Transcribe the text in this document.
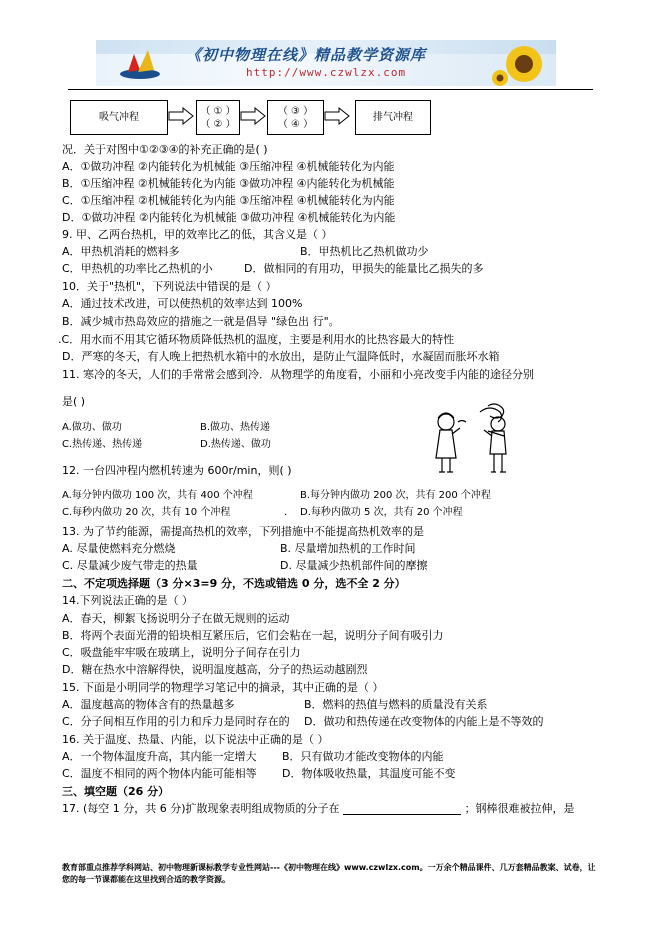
《初中物理在线》精品教学资源库
http://www.czwlzx.com
吸气冲程
（ ① ）
（ ② ）
（ ③ ）
（ ④ ）
排气冲程
况．关于对图中①②③④的补充正确的是( )
A．①做功冲程 ②内能转化为机械能 ③压缩冲程 ④机械能转化为内能
B．①压缩冲程 ②机械能转化为内能 ③做功冲程 ④内能转化为机械能
C．①压缩冲程 ②机械能转化为内能 ③压缩冲程 ④机械能转化为内能
D．①做功冲程 ②内能转化为机械能 ③做功冲程 ④机械能转化为内能
9. 甲、乙两台热机，甲的效率比乙的低，其含义是（ ）
A．甲热机消耗的燃料多	B．甲热机比乙热机做功少
C．甲热机的功率比乙热机的小	D．做相同的有用功，甲损失的能量比乙损失的多
10．关于"热机"，下列说法中错误的是（ ）
A．通过技术改进，可以使热机的效率达到 100%
B．减少城市热岛效应的措施之一就是倡导 "绿色出 行"。
.C．用水而不用其它循环物质降低热机的温度，主要是利用水的比热容最大的特性
D．严寒的冬天，有人晚上把热机水箱中的水放出，是防止气温降低时，水凝固而胀坏水箱
11. 寒冷的冬天，人们的手常常会感到冷．从物理学的角度看，小丽和小亮改变手内能的途径分别
是( )
A.做功、做功	B.做功、热传递
C.热传递、热传递	D.热传递、做功
12. 一台四冲程内燃机转速为 600r/min，则( )
A.每分钟内做功 100 次，共有 400 个冲程	B.每分钟内做功 200 次，共有 200 个冲程
C.每秒内做功 20 次，共有 10 个冲程	. D.每秒内做功 5 次，共有 20 个冲程
13. 为了节约能源，需提高热机的效率，下列措施中不能提高热机效率的是
A. 尽量使燃料充分燃烧	B. 尽量增加热机的工作时间
C. 尽量减少废气带走的热量	D. 尽量减少热机部件间的摩擦
二、不定项选择题（3 分×3=9 分，不选或错选 0 分，选不全 2 分）
14.下列说法正确的是（ ）
A．春天，柳絮飞扬说明分子在做无规则的运动
B．将两个表面光滑的铅块相互紧压后，它们会粘在一起，说明分子间有吸引力
C．吸盘能牢牢吸在玻璃上，说明分子间存在引力
D．糖在热水中溶解得快，说明温度越高，分子的热运动越剧烈
15. 下面是小明同学的物理学习笔记中的摘录，其中正确的是（ ）
A．温度越高的物体含有的热量越多	B．燃料的热值与燃料的质量没有关系
C．分子间相互作用的引力和斥力是同时存在的 D．做功和热传递在改变物体的内能上是不等效的
16. 关于温度、热量、内能，以下说法中正确的是（ ）
A．一个物体温度升高，其内能一定增大 B．只有做功才能改变物体的内能
C．温度不相同的两个物体内能可能相等 D．物体吸收热量，其温度可能不变
三、填空题（26 分）
17. (每空 1 分，共 6 分)扩散现象表明组成物质的分子在	；钢棒很难被拉伸，是
教育部重点推荐学科网站、初中物理新课标教学专业性网站---《初中物理在线》www.czwlzx.com。一万余个精品课件、几万套精品教案、试卷，让您的每一节课都能在这里找到合适的教学资源。
